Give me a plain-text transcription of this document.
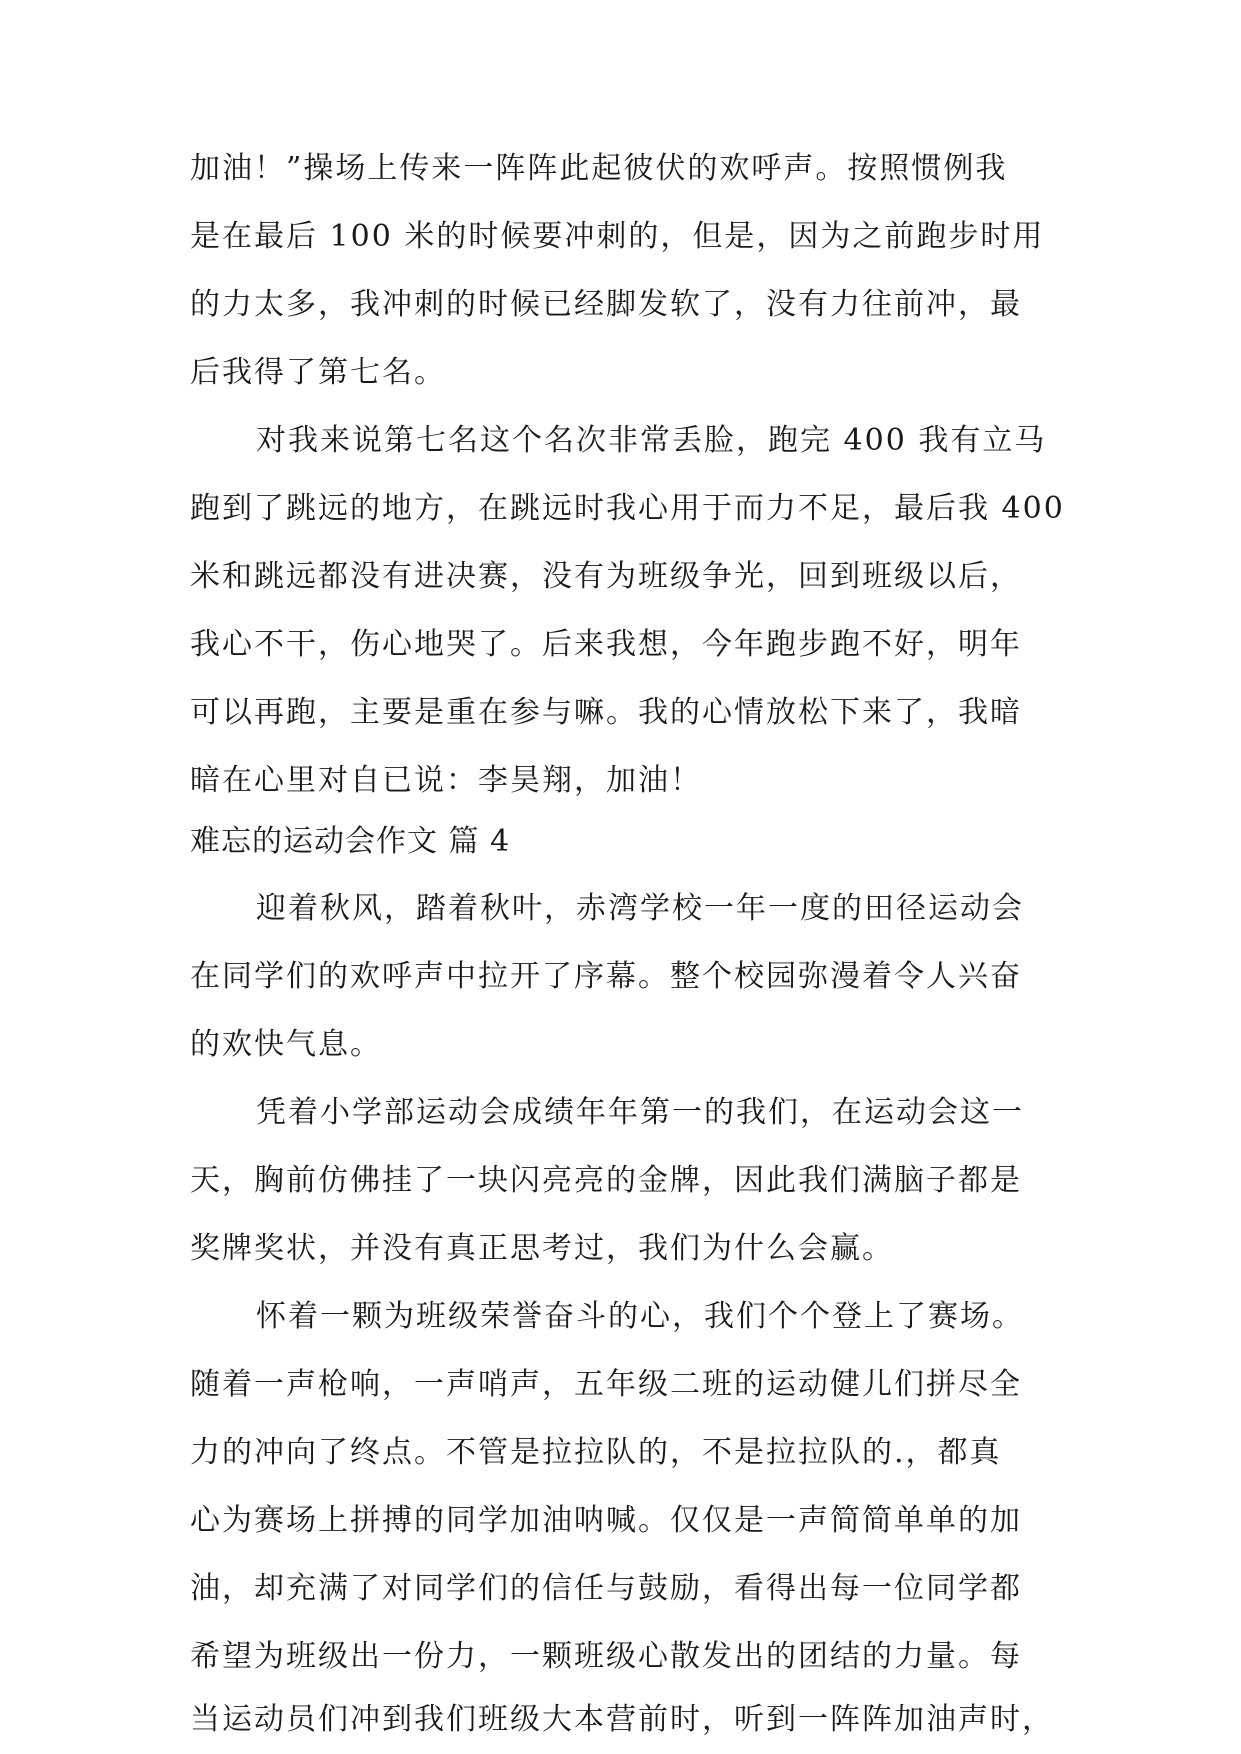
加油！”操场上传来一阵阵此起彼伏的欢呼声。按照惯例我
是在最后 100 米的时候要冲刺的，但是，因为之前跑步时用
的力太多，我冲刺的时候已经脚发软了，没有力往前冲，最
后我得了第七名。
对我来说第七名这个名次非常丢脸，跑完 400 我有立马
跑到了跳远的地方，在跳远时我心用于而力不足，最后我 400
米和跳远都没有进决赛，没有为班级争光，回到班级以后，
我心不干，伤心地哭了。后来我想，今年跑步跑不好，明年
可以再跑，主要是重在参与嘛。我的心情放松下来了，我暗
暗在心里对自已说：李昊翔，加油！
难忘的运动会作文 篇 4
迎着秋风，踏着秋叶，赤湾学校一年一度的田径运动会
在同学们的欢呼声中拉开了序幕。整个校园弥漫着令人兴奋
的欢快气息。
凭着小学部运动会成绩年年第一的我们，在运动会这一
天，胸前仿佛挂了一块闪亮亮的金牌，因此我们满脑子都是
奖牌奖状，并没有真正思考过，我们为什么会赢。
怀着一颗为班级荣誉奋斗的心，我们个个登上了赛场。
随着一声枪响，一声哨声，五年级二班的运动健儿们拼尽全
力的冲向了终点。不管是拉拉队的，不是拉拉队的.，都真
心为赛场上拼搏的同学加油呐喊。仅仅是一声简简单单的加
油，却充满了对同学们的信任与鼓励，看得出每一位同学都
希望为班级出一份力，一颗班级心散发出的团结的力量。每
当运动员们冲到我们班级大本营前时，听到一阵阵加油声时，
